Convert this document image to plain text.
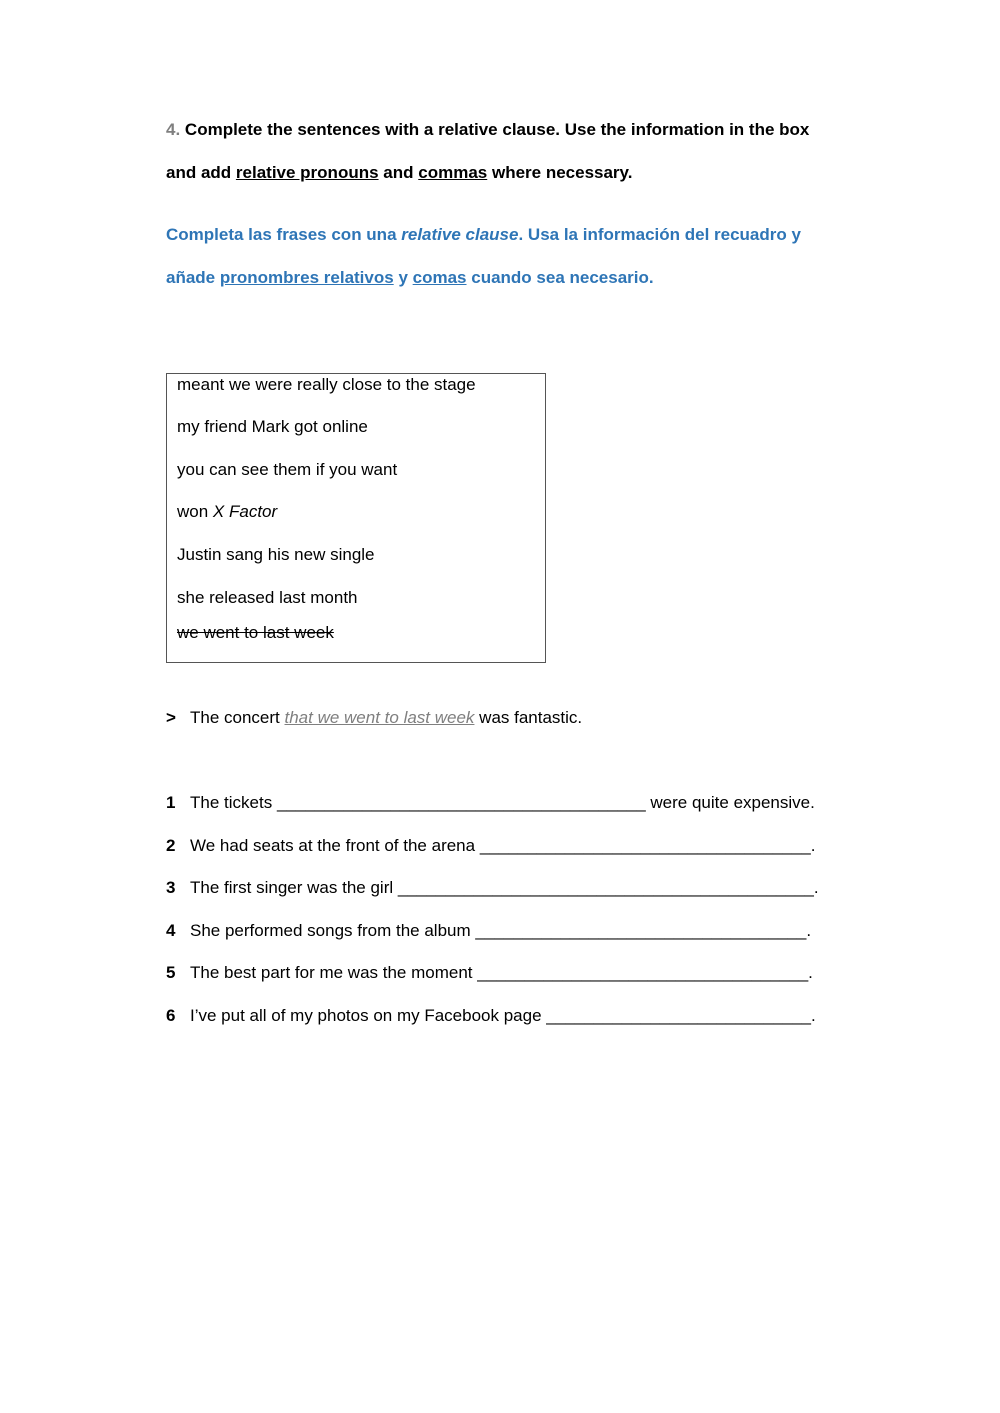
4. Complete the sentences with a relative clause. Use the information in the box
and add relative pronouns and commas where necessary.
Completa las frases con una relative clause. Usa la información del recuadro y
añade pronombres relativos y comas cuando sea necesario.
meant we were really close to the stage
my friend Mark got online
you can see them if you want
won X Factor
Justin sang his new single
she released last month
we went to last week
> The concert that we went to last week was fantastic.
1 The tickets _______________________________________ were quite expensive.
2 We had seats at the front of the arena ___________________________________.
3 The first singer was the girl ____________________________________________.
4 She performed songs from the album ___________________________________.
5 The best part for me was the moment ___________________________________.
6 I’ve put all of my photos on my Facebook page ____________________________.
